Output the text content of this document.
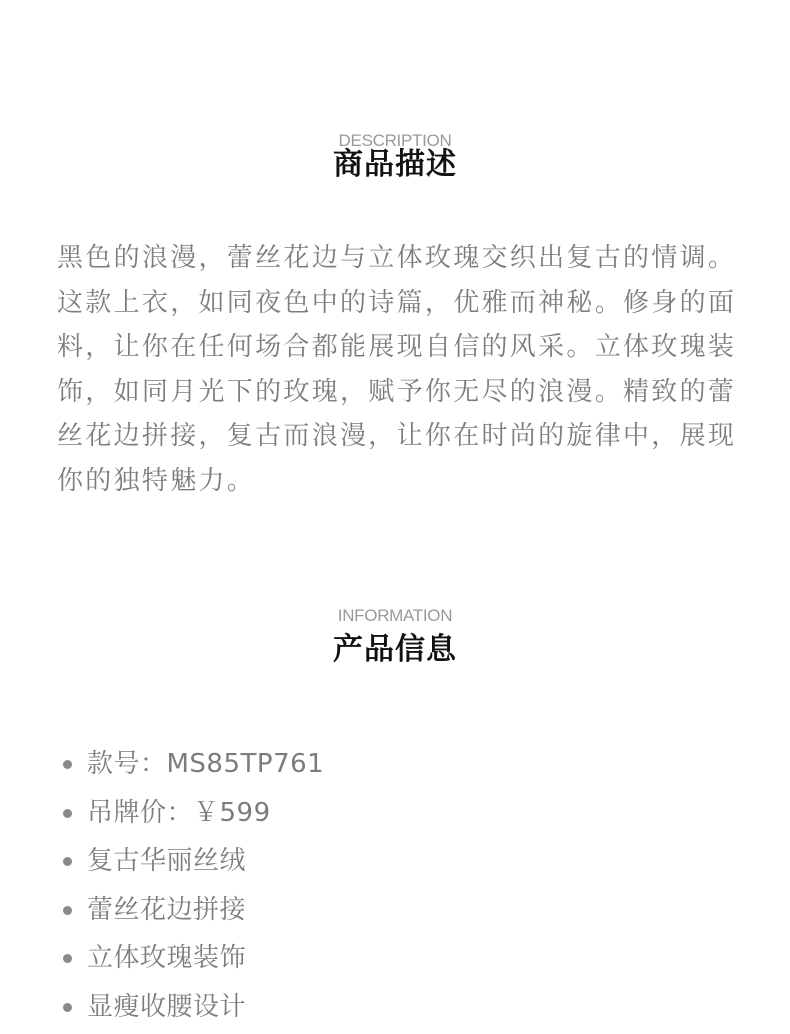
DESCRIPTION
商品描述

黑色的浪漫，蕾丝花边与立体玫瑰交织出复古的情调。这款上衣，如同夜色中的诗篇，优雅而神秘。修身的面料，让你在任何场合都能展现自信的风采。立体玫瑰装饰，如同月光下的玫瑰，赋予你无尽的浪漫。精致的蕾丝花边拼接，复古而浪漫，让你在时尚的旋律中，展现你的独特魅力。

INFORMATION
产品信息
款号：MS85TP761
吊牌价：￥599
复古华丽丝绒
蕾丝花边拼接
立体玫瑰装饰
显瘦收腰设计
